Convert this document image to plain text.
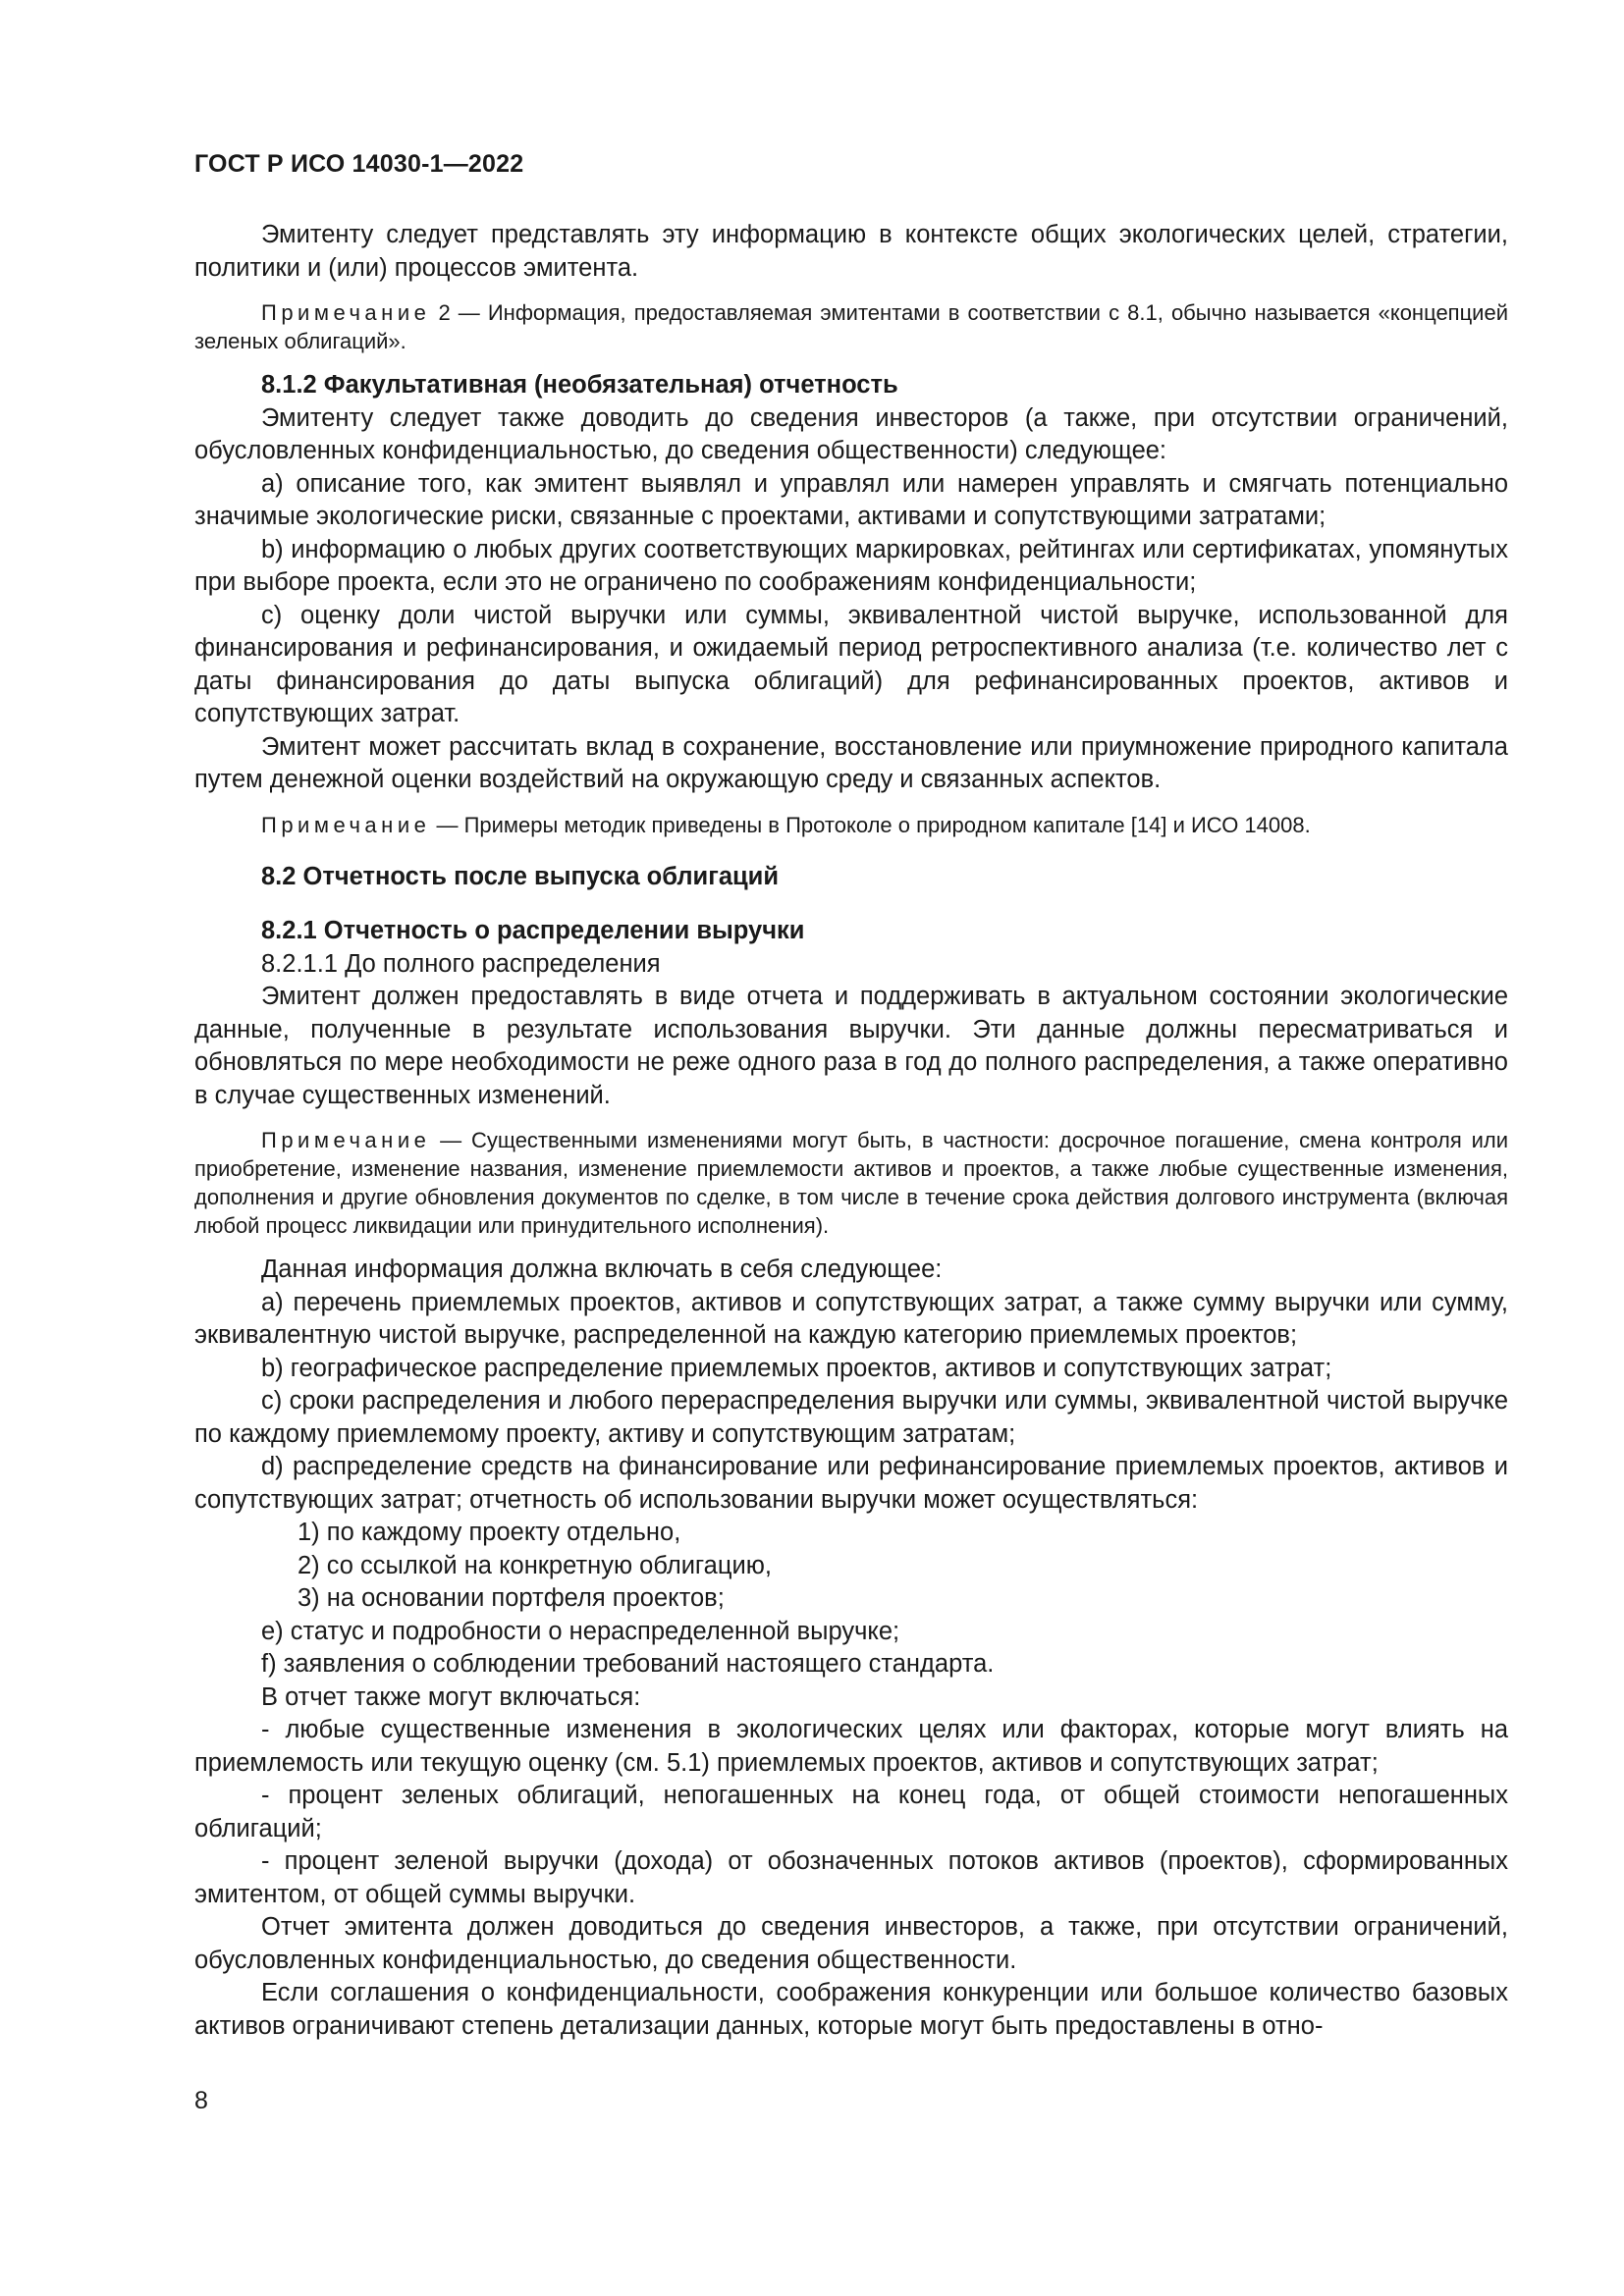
ГОСТ Р ИСО 14030-1—2022

Эмитенту следует представлять эту информацию в контексте общих экологических целей, стратегии, политики и (или) процессов эмитента.

Примечание 2 — Информация, предоставляемая эмитентами в соответствии с 8.1, обычно называется «концепцией зеленых облигаций».

8.1.2 Факультативная (необязательная) отчетность

Эмитенту следует также доводить до сведения инвесторов (а также, при отсутствии ограничений, обусловленных конфиденциальностью, до сведения общественности) следующее:

а) описание того, как эмитент выявлял и управлял или намерен управлять и смягчать потенциально значимые экологические риски, связанные с проектами, активами и сопутствующими затратами;

b) информацию о любых других соответствующих маркировках, рейтингах или сертификатах, упомянутых при выборе проекта, если это не ограничено по соображениям конфиденциальности;

с) оценку доли чистой выручки или суммы, эквивалентной чистой выручке, использованной для финансирования и рефинансирования, и ожидаемый период ретроспективного анализа (т.е. количество лет с даты финансирования до даты выпуска облигаций) для рефинансированных проектов, активов и сопутствующих затрат.

Эмитент может рассчитать вклад в сохранение, восстановление или приумножение природного капитала путем денежной оценки воздействий на окружающую среду и связанных аспектов.

Примечание — Примеры методик приведены в Протоколе о природном капитале [14] и ИСО 14008.

8.2 Отчетность после выпуска облигаций

8.2.1 Отчетность о распределении выручки

8.2.1.1 До полного распределения

Эмитент должен предоставлять в виде отчета и поддерживать в актуальном состоянии экологические данные, полученные в результате использования выручки. Эти данные должны пересматриваться и обновляться по мере необходимости не реже одного раза в год до полного распределения, а также оперативно в случае существенных изменений.

Примечание — Существенными изменениями могут быть, в частности: досрочное погашение, смена контроля или приобретение, изменение названия, изменение приемлемости активов и проектов, а также любые существенные изменения, дополнения и другие обновления документов по сделке, в том числе в течение срока действия долгового инструмента (включая любой процесс ликвидации или принудительного исполнения).

Данная информация должна включать в себя следующее:

а) перечень приемлемых проектов, активов и сопутствующих затрат, а также сумму выручки или сумму, эквивалентную чистой выручке, распределенной на каждую категорию приемлемых проектов;

b) географическое распределение приемлемых проектов, активов и сопутствующих затрат;

с) сроки распределения и любого перераспределения выручки или суммы, эквивалентной чистой выручке по каждому приемлемому проекту, активу и сопутствующим затратам;

d) распределение средств на финансирование или рефинансирование приемлемых проектов, активов и сопутствующих затрат; отчетность об использовании выручки может осуществляться:

1) по каждому проекту отдельно,

2) со ссылкой на конкретную облигацию,

3) на основании портфеля проектов;

е) статус и подробности о нераспределенной выручке;

f) заявления о соблюдении требований настоящего стандарта.

В отчет также могут включаться:

- любые существенные изменения в экологических целях или факторах, которые могут влиять на приемлемость или текущую оценку (см. 5.1) приемлемых проектов, активов и сопутствующих затрат;

- процент зеленых облигаций, непогашенных на конец года, от общей стоимости непогашенных облигаций;

- процент зеленой выручки (дохода) от обозначенных потоков активов (проектов), сформированных эмитентом, от общей суммы выручки.

Отчет эмитента должен доводиться до сведения инвесторов, а также, при отсутствии ограничений, обусловленных конфиденциальностью, до сведения общественности.

Если соглашения о конфиденциальности, соображения конкуренции или большое количество базовых активов ограничивают степень детализации данных, которые могут быть предоставлены в отно-

8
